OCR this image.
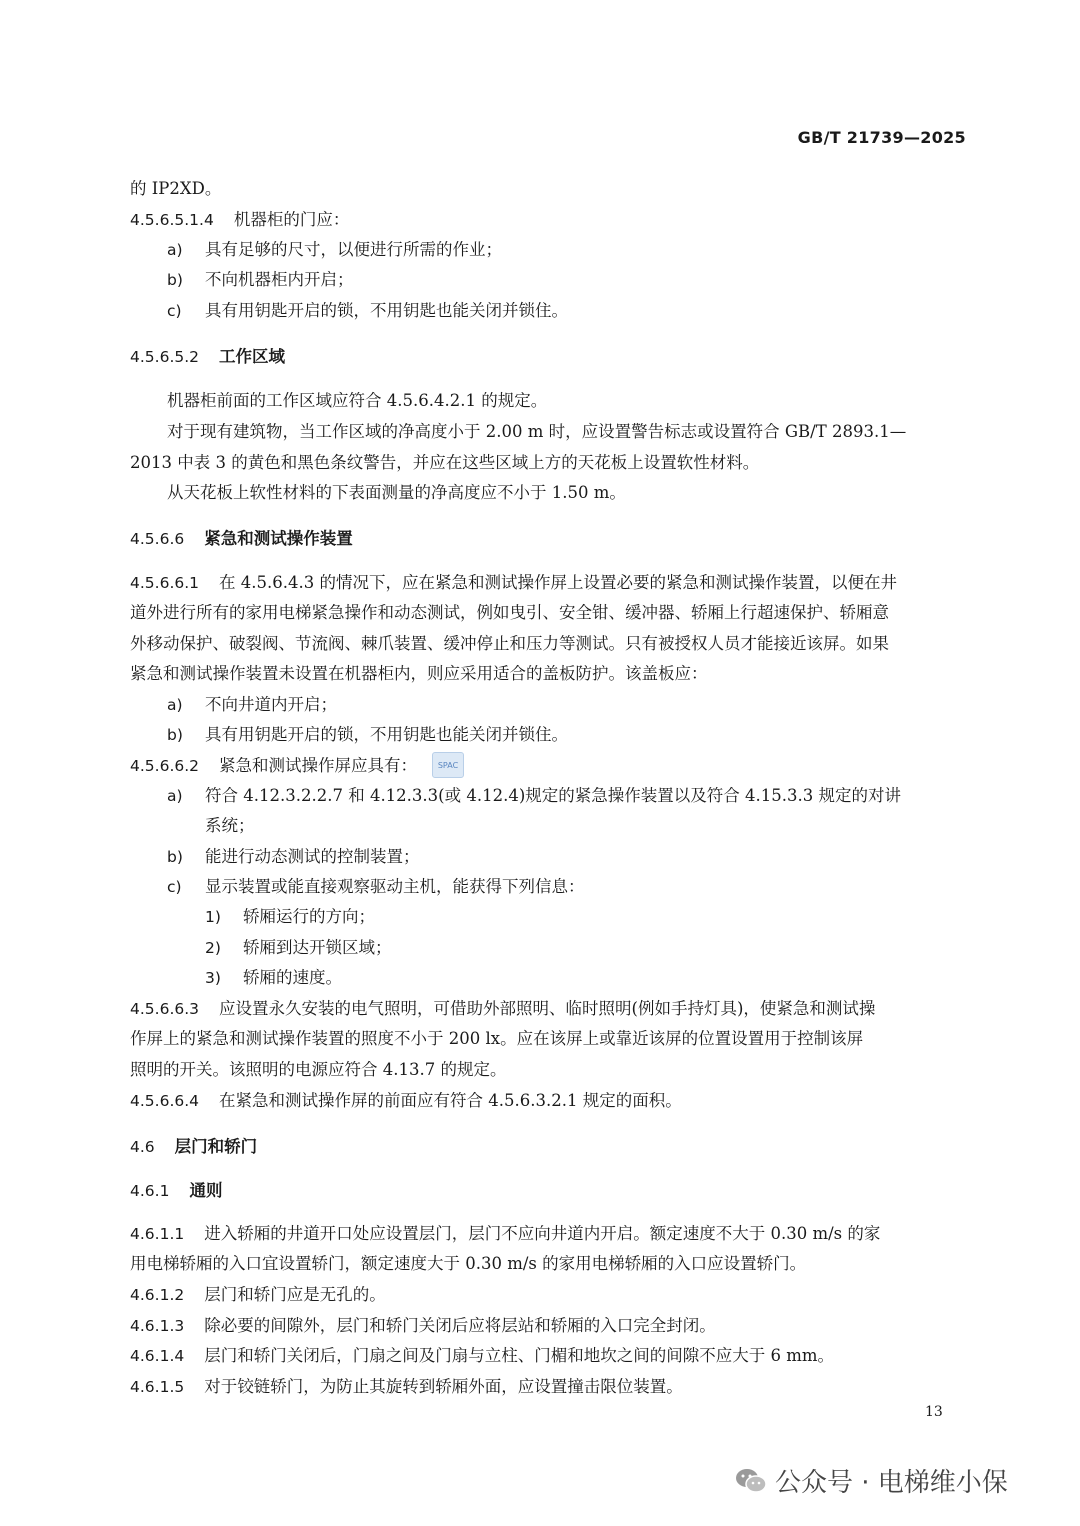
GB/T 21739—2025
的 IP2XD。
4.5.6.5.1.4 机器柜的门应：
a) 具有足够的尺寸，以便进行所需的作业；
b) 不向机器柜内开启；
c) 具有用钥匙开启的锁，不用钥匙也能关闭并锁住。
4.5.6.5.2 工作区域
机器柜前面的工作区域应符合 4.5.6.4.2.1 的规定。
对于现有建筑物，当工作区域的净高度小于 2.00 m 时，应设置警告标志或设置符合 GB/T 2893.1—
2013 中表 3 的黄色和黑色条纹警告，并应在这些区域上方的天花板上设置软性材料。
从天花板上软性材料的下表面测量的净高度应不小于 1.50 m。
4.5.6.6 紧急和测试操作装置
4.5.6.6.1 在 4.5.6.4.3 的情况下，应在紧急和测试操作屏上设置必要的紧急和测试操作装置，以便在井
道外进行所有的家用电梯紧急操作和动态测试，例如曳引、安全钳、缓冲器、轿厢上行超速保护、轿厢意
外移动保护、破裂阀、节流阀、棘爪装置、缓冲停止和压力等测试。只有被授权人员才能接近该屏。如果
紧急和测试操作装置未设置在机器柜内，则应采用适合的盖板防护。该盖板应：
a) 不向井道内开启；
b) 具有用钥匙开启的锁，不用钥匙也能关闭并锁住。
4.5.6.6.2 紧急和测试操作屏应具有：
a) 符合 4.12.3.2.2.7 和 4.12.3.3(或 4.12.4)规定的紧急操作装置以及符合 4.15.3.3 规定的对讲
系统；
b) 能进行动态测试的控制装置；
c) 显示装置或能直接观察驱动主机，能获得下列信息：
1) 轿厢运行的方向；
2) 轿厢到达开锁区域；
3) 轿厢的速度。
4.5.6.6.3 应设置永久安装的电气照明，可借助外部照明、临时照明(例如手持灯具)，使紧急和测试操
作屏上的紧急和测试操作装置的照度不小于 200 lx。应在该屏上或靠近该屏的位置设置用于控制该屏
照明的开关。该照明的电源应符合 4.13.7 的规定。
4.5.6.6.4 在紧急和测试操作屏的前面应有符合 4.5.6.3.2.1 规定的面积。
4.6 层门和轿门
4.6.1 通则
4.6.1.1 进入轿厢的井道开口处应设置层门，层门不应向井道内开启。额定速度不大于 0.30 m/s 的家
用电梯轿厢的入口宜设置轿门，额定速度大于 0.30 m/s 的家用电梯轿厢的入口应设置轿门。
4.6.1.2 层门和轿门应是无孔的。
4.6.1.3 除必要的间隙外，层门和轿门关闭后应将层站和轿厢的入口完全封闭。
4.6.1.4 层门和轿门关闭后，门扇之间及门扇与立柱、门楣和地坎之间的间隙不应大于 6 mm。
4.6.1.5 对于铰链轿门，为防止其旋转到轿厢外面，应设置撞击限位装置。
SPAC
13
公众号 · 电梯维小保
